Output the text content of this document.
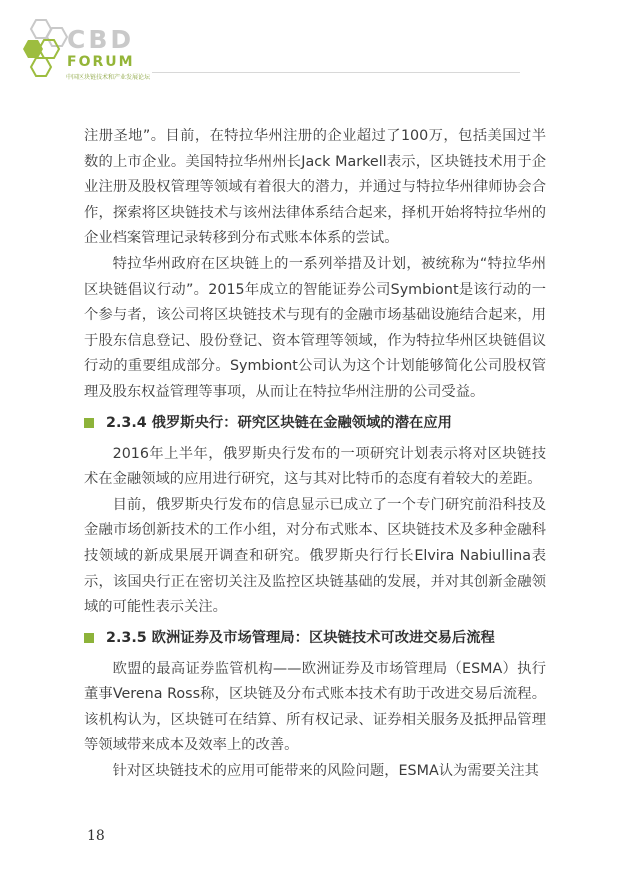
CBD
FORUM
中国区块链技术和产业发展论坛

注册圣地”。目前，在特拉华州注册的企业超过了100万，包括美国过半数的上市企业。美国特拉华州州长Jack Markell表示，区块链技术用于企业注册及股权管理等领域有着很大的潜力，并通过与特拉华州律师协会合作，探索将区块链技术与该州法律体系结合起来，择机开始将特拉华州的企业档案管理记录转移到分布式账本体系的尝试。

特拉华州政府在区块链上的一系列举措及计划，被统称为“特拉华州区块链倡议行动”。2015年成立的智能证券公司Symbiont是该行动的一个参与者，该公司将区块链技术与现有的金融市场基础设施结合起来，用于股东信息登记、股份登记、资本管理等领域，作为特拉华州区块链倡议行动的重要组成部分。Symbiont公司认为这个计划能够简化公司股权管理及股东权益管理等事项，从而让在特拉华州注册的公司受益。

2.3.4 俄罗斯央行：研究区块链在金融领域的潜在应用

2016年上半年，俄罗斯央行发布的一项研究计划表示将对区块链技术在金融领域的应用进行研究，这与其对比特币的态度有着较大的差距。

目前，俄罗斯央行发布的信息显示已成立了一个专门研究前沿科技及金融市场创新技术的工作小组，对分布式账本、区块链技术及多种金融科技领域的新成果展开调查和研究。俄罗斯央行行长Elvira Nabiullina表示，该国央行正在密切关注及监控区块链基础的发展，并对其创新金融领域的可能性表示关注。

2.3.5 欧洲证券及市场管理局：区块链技术可改进交易后流程

欧盟的最高证券监管机构——欧洲证券及市场管理局（ESMA）执行董事Verena Ross称，区块链及分布式账本技术有助于改进交易后流程。该机构认为，区块链可在结算、所有权记录、证券相关服务及抵押品管理等领域带来成本及效率上的改善。

针对区块链技术的应用可能带来的风险问题，ESMA认为需要关注其

18
